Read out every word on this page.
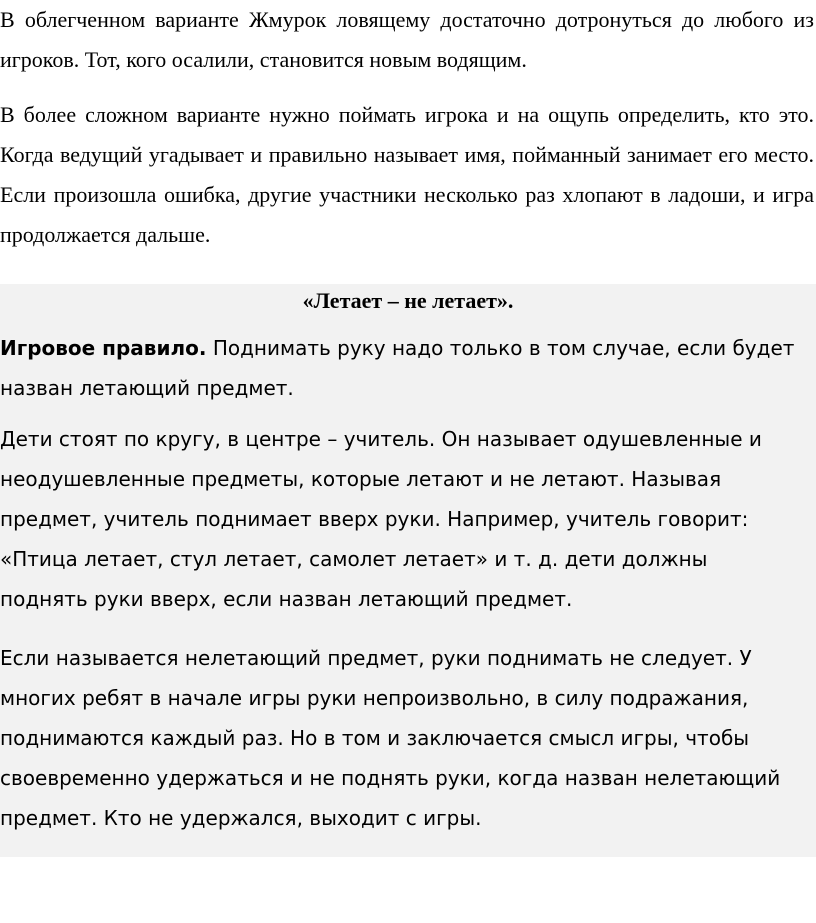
В облегченном варианте Жмурок ловящему достаточно дотронуться до любого из игроков. Тот, кого осалили, становится новым водящим.

В более сложном варианте нужно поймать игрока и на ощупь определить, кто это. Когда ведущий угадывает и правильно называет имя, пойманный занимает его место. Если произошла ошибка, другие участники несколько раз хлопают в ладоши, и игра продолжается дальше.

«Летает – не летает».

Игровое правило. Поднимать руку надо только в том случае, если будет назван летающий предмет.

Дети стоят по кругу, в центре – учитель. Он называет одушевленные и неодушевленные предметы, которые летают и не летают. Называя предмет, учитель поднимает вверх руки. Например, учитель говорит: «Птица летает, стул летает, самолет летает» и т. д. дети должны поднять руки вверх, если назван летающий предмет.

Если называется нелетающий предмет, руки поднимать не следует. У многих ребят в начале игры руки непроизвольно, в силу подражания, поднимаются каждый раз. Но в том и заключается смысл игры, чтобы своевременно удержаться и не поднять руки, когда назван нелетающий предмет. Кто не удержался, выходит с игры.
